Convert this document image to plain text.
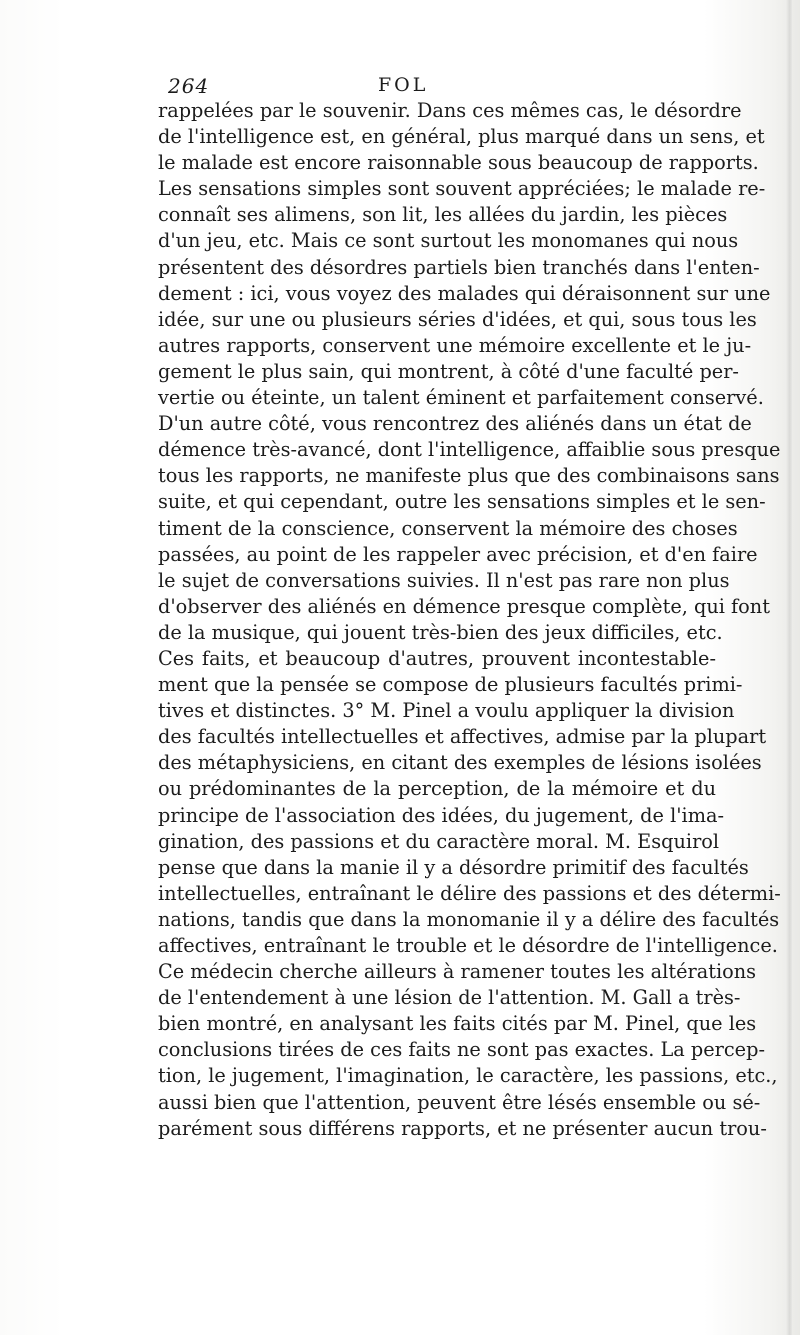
264	FOL
rappelées par le souvenir. Dans ces mêmes cas, le désordre
de l'intelligence est, en général, plus marqué dans un sens, et
le malade est encore raisonnable sous beaucoup de rapports.
Les sensations simples sont souvent appréciées; le malade re-
connaît ses alimens, son lit, les allées du jardin, les pièces
d'un jeu, etc. Mais ce sont surtout les monomanes qui nous
présentent des désordres partiels bien tranchés dans l'enten-
dement : ici, vous voyez des malades qui déraisonnent sur une
idée, sur une ou plusieurs séries d'idées, et qui, sous tous les
autres rapports, conservent une mémoire excellente et le ju-
gement le plus sain, qui montrent, à côté d'une faculté per-
vertie ou éteinte, un talent éminent et parfaitement conservé.
D'un autre côté, vous rencontrez des aliénés dans un état de
démence très-avancé, dont l'intelligence, affaiblie sous presque
tous les rapports, ne manifeste plus que des combinaisons sans
suite, et qui cependant, outre les sensations simples et le sen-
timent de la conscience, conservent la mémoire des choses
passées, au point de les rappeler avec précision, et d'en faire
le sujet de conversations suivies. Il n'est pas rare non plus
d'observer des aliénés en démence presque complète, qui font
de la musique, qui jouent très-bien des jeux difficiles, etc.
Ces faits, et beaucoup d'autres, prouvent incontestable-
ment que la pensée se compose de plusieurs facultés primi-
tives et distinctes. 3° M. Pinel a voulu appliquer la division
des facultés intellectuelles et affectives, admise par la plupart
des métaphysiciens, en citant des exemples de lésions isolées
ou prédominantes de la perception, de la mémoire et du
principe de l'association des idées, du jugement, de l'ima-
gination, des passions et du caractère moral. M. Esquirol
pense que dans la manie il y a désordre primitif des facultés
intellectuelles, entraînant le délire des passions et des détermi-
nations, tandis que dans la monomanie il y a délire des facultés
affectives, entraînant le trouble et le désordre de l'intelligence.
Ce médecin cherche ailleurs à ramener toutes les altérations
de l'entendement à une lésion de l'attention. M. Gall a très-
bien montré, en analysant les faits cités par M. Pinel, que les
conclusions tirées de ces faits ne sont pas exactes. La percep-
tion, le jugement, l'imagination, le caractère, les passions, etc.,
aussi bien que l'attention, peuvent être lésés ensemble ou sé-
parément sous différens rapports, et ne présenter aucun trou-
